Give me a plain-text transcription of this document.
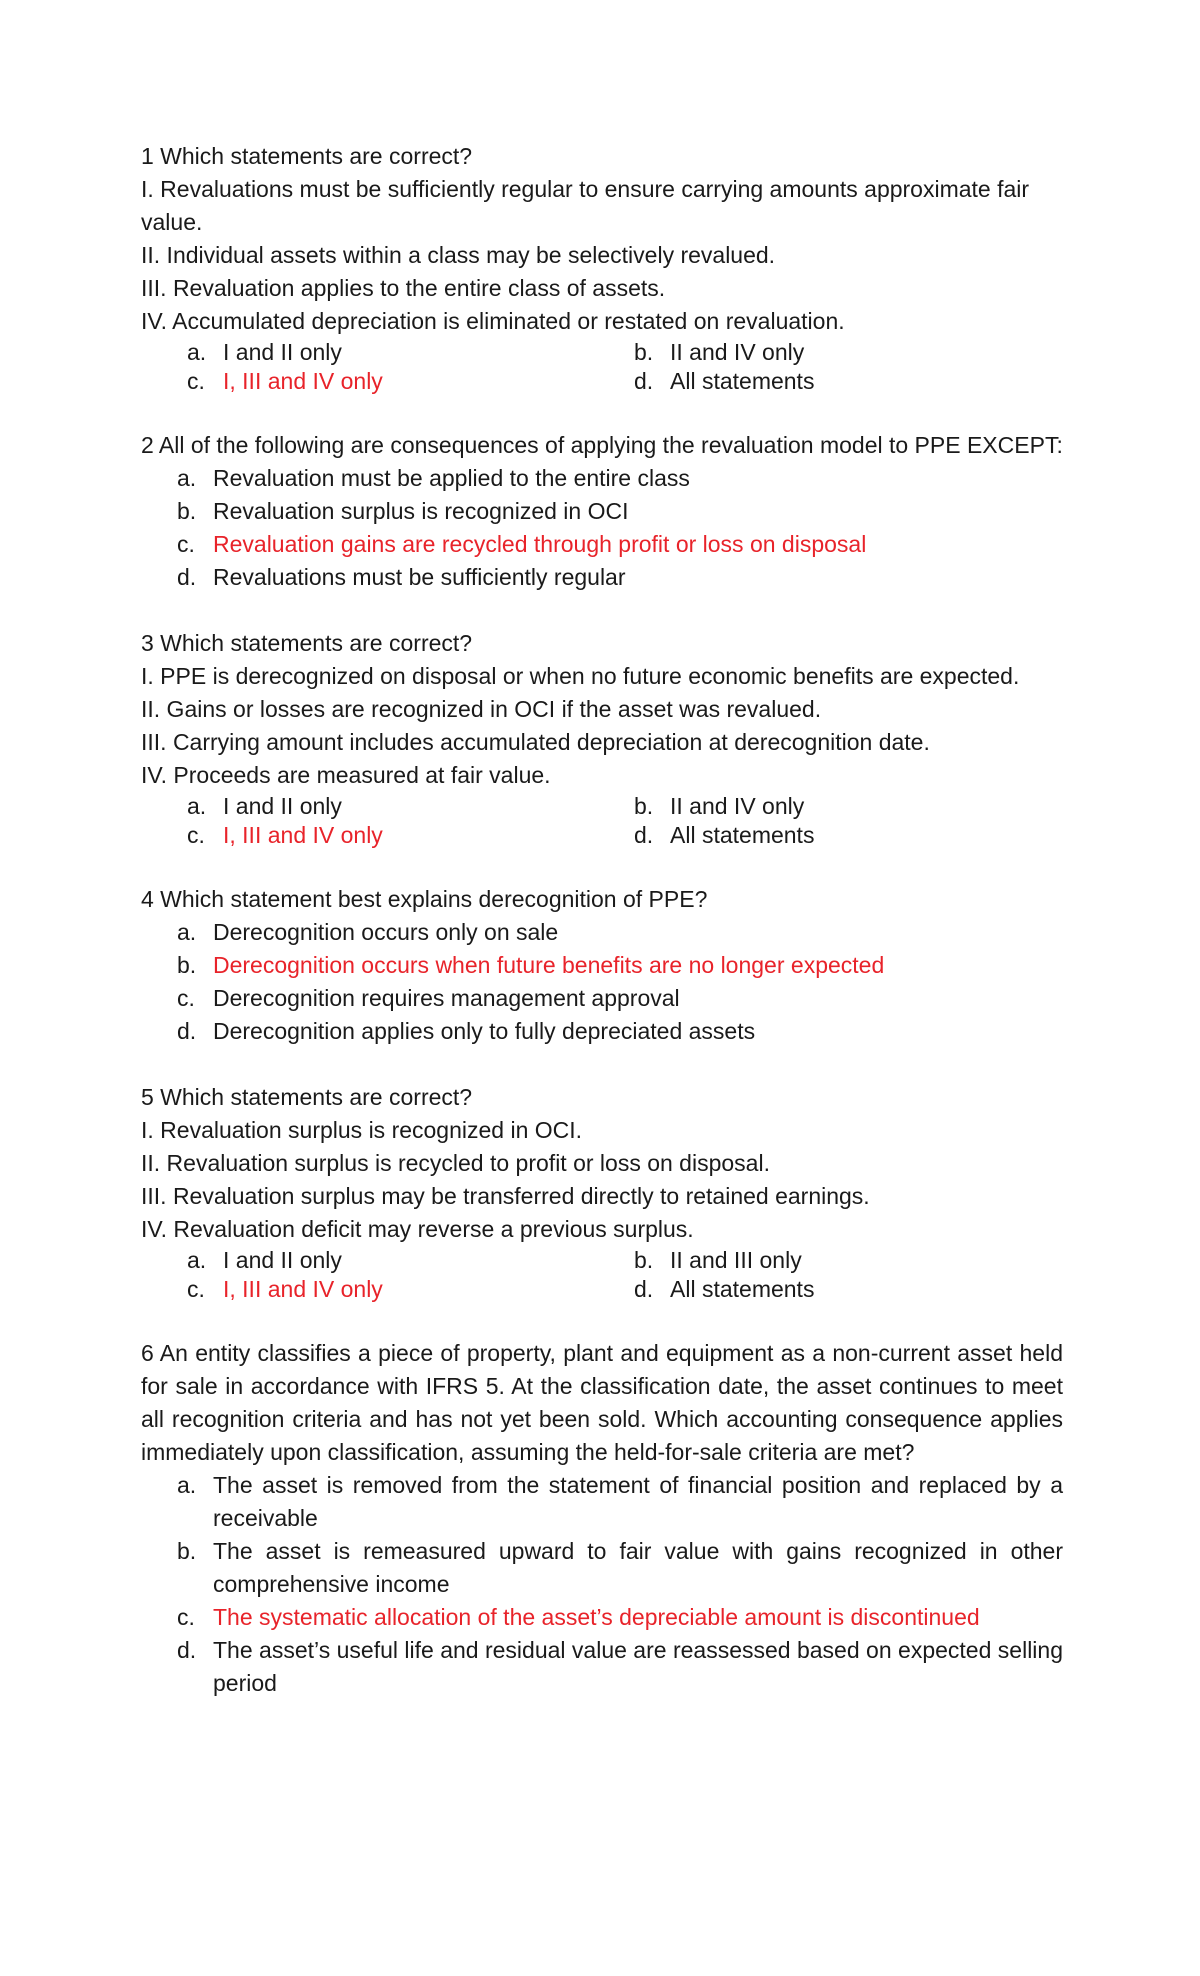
1 Which statements are correct?

I. Revaluations must be sufficiently regular to ensure carrying amounts approximate fair value.

II. Individual assets within a class may be selectively revalued.

III. Revaluation applies to the entire class of assets.

IV. Accumulated depreciation is eliminated or restated on revaluation.

a. I and II only	b. II and IV only
c. I, III and IV only	d. All statements

2 All of the following are consequences of applying the revaluation model to PPE EXCEPT:

a. Revaluation must be applied to the entire class
b. Revaluation surplus is recognized in OCI
c. Revaluation gains are recycled through profit or loss on disposal
d. Revaluations must be sufficiently regular

3 Which statements are correct?

I. PPE is derecognized on disposal or when no future economic benefits are expected.

II. Gains or losses are recognized in OCI if the asset was revalued.

III. Carrying amount includes accumulated depreciation at derecognition date.

IV. Proceeds are measured at fair value.

a. I and II only	b. II and IV only
c. I, III and IV only	d. All statements

4 Which statement best explains derecognition of PPE?

a. Derecognition occurs only on sale
b. Derecognition occurs when future benefits are no longer expected
c. Derecognition requires management approval
d. Derecognition applies only to fully depreciated assets

5 Which statements are correct?

I. Revaluation surplus is recognized in OCI.

II. Revaluation surplus is recycled to profit or loss on disposal.

III. Revaluation surplus may be transferred directly to retained earnings.

IV. Revaluation deficit may reverse a previous surplus.

a. I and II only	b. II and III only
c. I, III and IV only	d. All statements

6 An entity classifies a piece of property, plant and equipment as a non-current asset held for sale in accordance with IFRS 5. At the classification date, the asset continues to meet all recognition criteria and has not yet been sold. Which accounting consequence applies immediately upon classification, assuming the held-for-sale criteria are met?

a. The asset is removed from the statement of financial position and replaced by a receivable
b. The asset is remeasured upward to fair value with gains recognized in other comprehensive income
c. The systematic allocation of the asset’s depreciable amount is discontinued
d. The asset’s useful life and residual value are reassessed based on expected selling period
